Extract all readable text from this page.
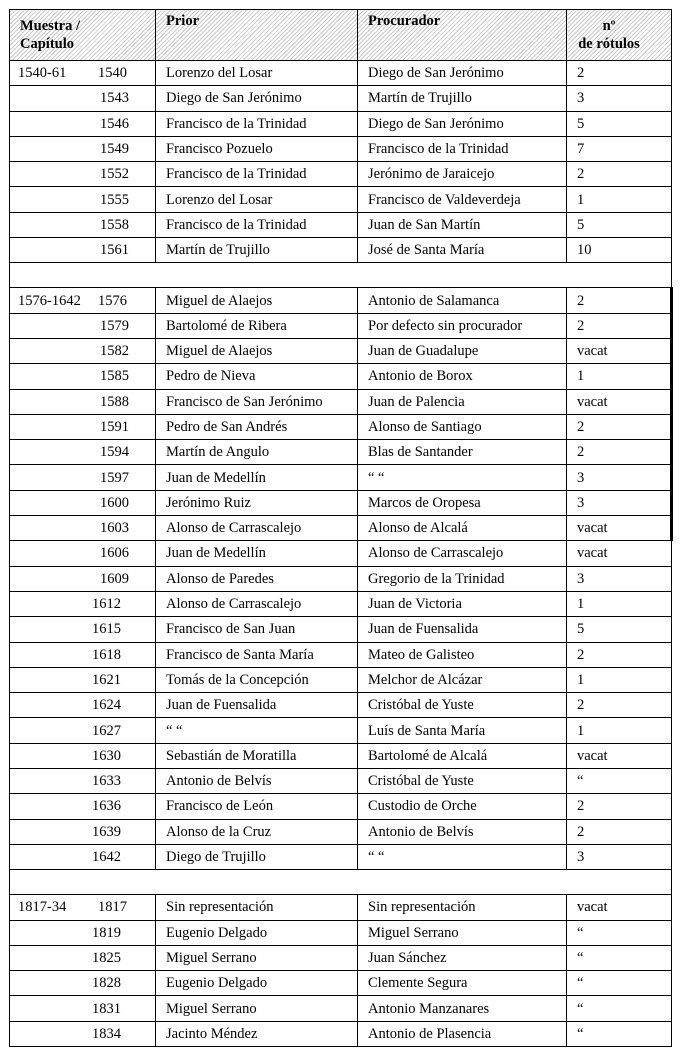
Muestra /
Capítulo	Prior	Procurador	nº
de rótulos

1540-61 1540	Lorenzo del Losar	Diego de San Jerónimo	2
1543	Diego de San Jerónimo	Martín de Trujillo	3
1546	Francisco de la Trinidad	Diego de San Jerónimo	5
1549	Francisco Pozuelo	Francisco de la Trinidad	7
1552	Francisco de la Trinidad	Jerónimo de Jaraicejo	2
1555	Lorenzo del Losar	Francisco de Valdeverdeja	1
1558	Francisco de la Trinidad	Juan de San Martín	5
1561	Martín de Trujillo	José de Santa María	10

1576-1642 1576	Miguel de Alaejos	Antonio de Salamanca	2
1579	Bartolomé de Ribera	Por defecto sin procurador	2
1582	Miguel de Alaejos	Juan de Guadalupe	vacat
1585	Pedro de Nieva	Antonio de Borox	1
1588	Francisco de San Jerónimo	Juan de Palencia	vacat
1591	Pedro de San Andrés	Alonso de Santiago	2
1594	Martín de Angulo	Blas de Santander	2
1597	Juan de Medellín	“ “	3
1600	Jerónimo Ruiz	Marcos de Oropesa	3
1603	Alonso de Carrascalejo	Alonso de Alcalá	vacat
1606	Juan de Medellín	Alonso de Carrascalejo	vacat
1609	Alonso de Paredes	Gregorio de la Trinidad	3
1612	Alonso de Carrascalejo	Juan de Victoria	1
1615	Francisco de San Juan	Juan de Fuensalida	5
1618	Francisco de Santa María	Mateo de Galisteo	2
1621	Tomás de la Concepción	Melchor de Alcázar	1
1624	Juan de Fuensalida	Cristóbal de Yuste	2
1627	“ “	Luís de Santa María	1
1630	Sebastián de Moratilla	Bartolomé de Alcalá	vacat
1633	Antonio de Belvís	Cristóbal de Yuste	“
1636	Francisco de León	Custodio de Orche	2
1639	Alonso de la Cruz	Antonio de Belvís	2
1642	Diego de Trujillo	“ “	3

1817-34 1817	Sin representación	Sin representación	vacat
1819	Eugenio Delgado	Miguel Serrano	“
1825	Miguel Serrano	Juan Sánchez	“
1828	Eugenio Delgado	Clemente Segura	“
1831	Miguel Serrano	Antonio Manzanares	“
1834	Jacinto Méndez	Antonio de Plasencia	“
